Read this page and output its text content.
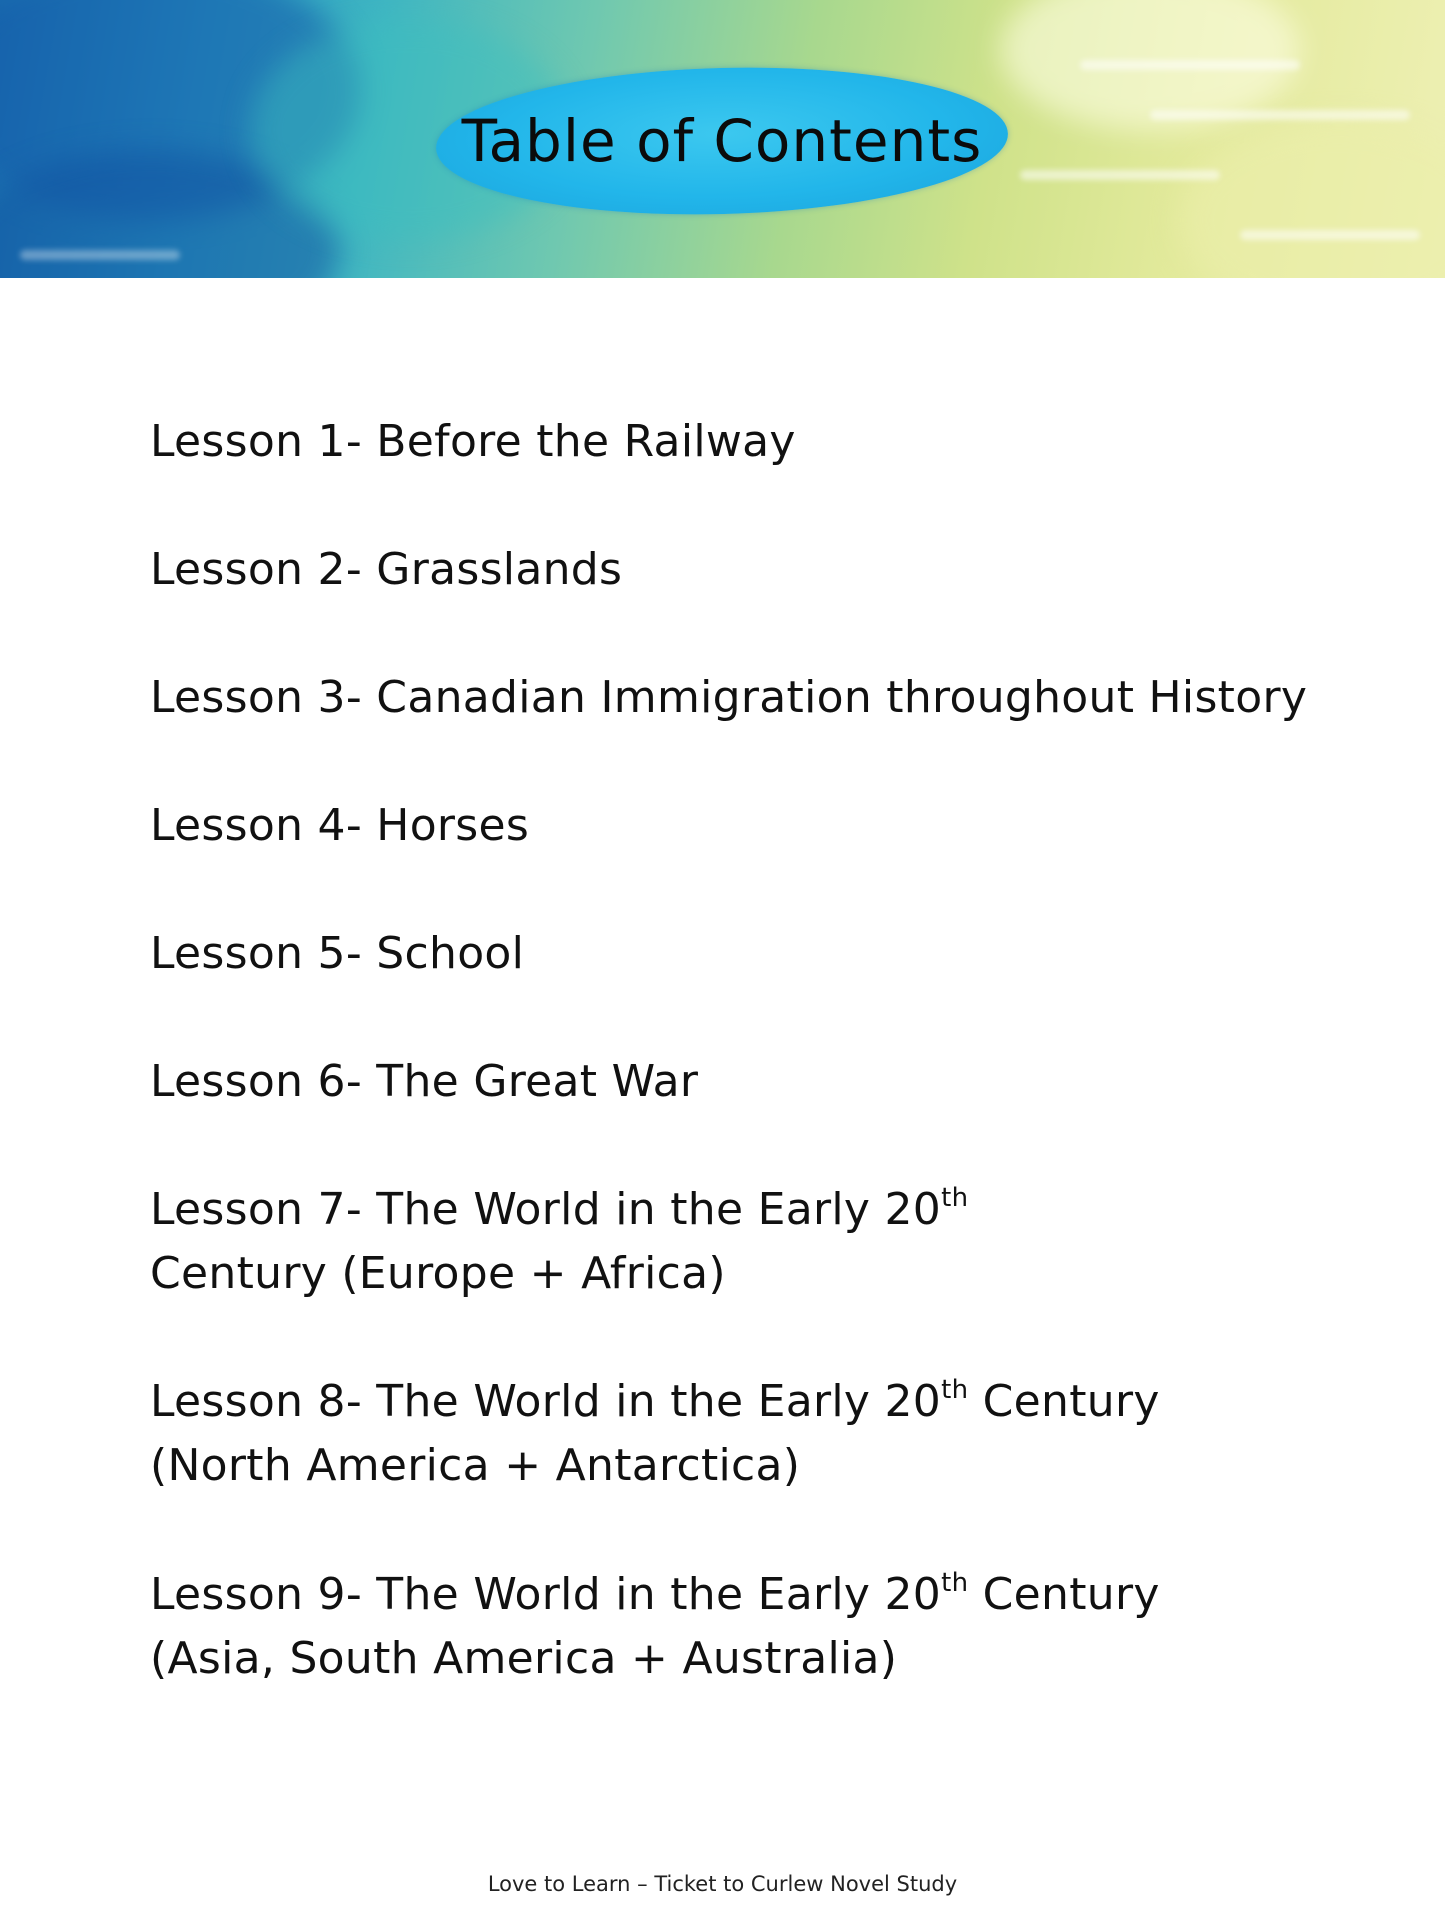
Table of Contents
Lesson 1- Before the Railway
Lesson 2- Grasslands
Lesson 3- Canadian Immigration throughout History
Lesson 4- Horses
Lesson 5- School
Lesson 6- The Great War
Lesson 7- The World in the Early 20th Century (Europe + Africa)
Lesson 8- The World in the Early 20th Century (North America + Antarctica)
Lesson 9- The World in the Early 20th Century (Asia, South America + Australia)
Love to Learn – Ticket to Curlew Novel Study
